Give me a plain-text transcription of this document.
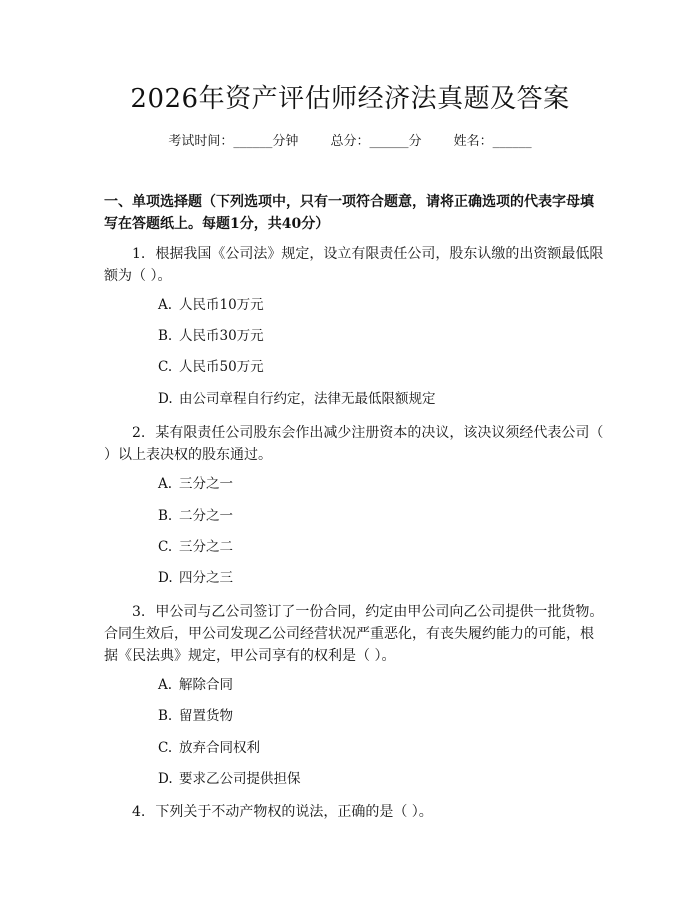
2026年资产评估师经济法真题及答案
考试时间：______分钟 总分：______分 姓名：______
一、单项选择题（下列选项中，只有一项符合题意，请将正确选项的代表字母填写在答题纸上。每题1分，共40分）
1. 根据我国《公司法》规定，设立有限责任公司，股东认缴的出资额最低限额为（ ）。
A. 人民币10万元
B. 人民币30万元
C. 人民币50万元
D. 由公司章程自行约定，法律无最低限额规定
2. 某有限责任公司股东会作出减少注册资本的决议，该决议须经代表公司（ ）以上表决权的股东通过。
A. 三分之一
B. 二分之一
C. 三分之二
D. 四分之三
3. 甲公司与乙公司签订了一份合同，约定由甲公司向乙公司提供一批货物。合同生效后，甲公司发现乙公司经营状况严重恶化，有丧失履约能力的可能，根据《民法典》规定，甲公司享有的权利是（ ）。
A. 解除合同
B. 留置货物
C. 放弃合同权利
D. 要求乙公司提供担保
4. 下列关于不动产物权的说法，正确的是（ ）。
